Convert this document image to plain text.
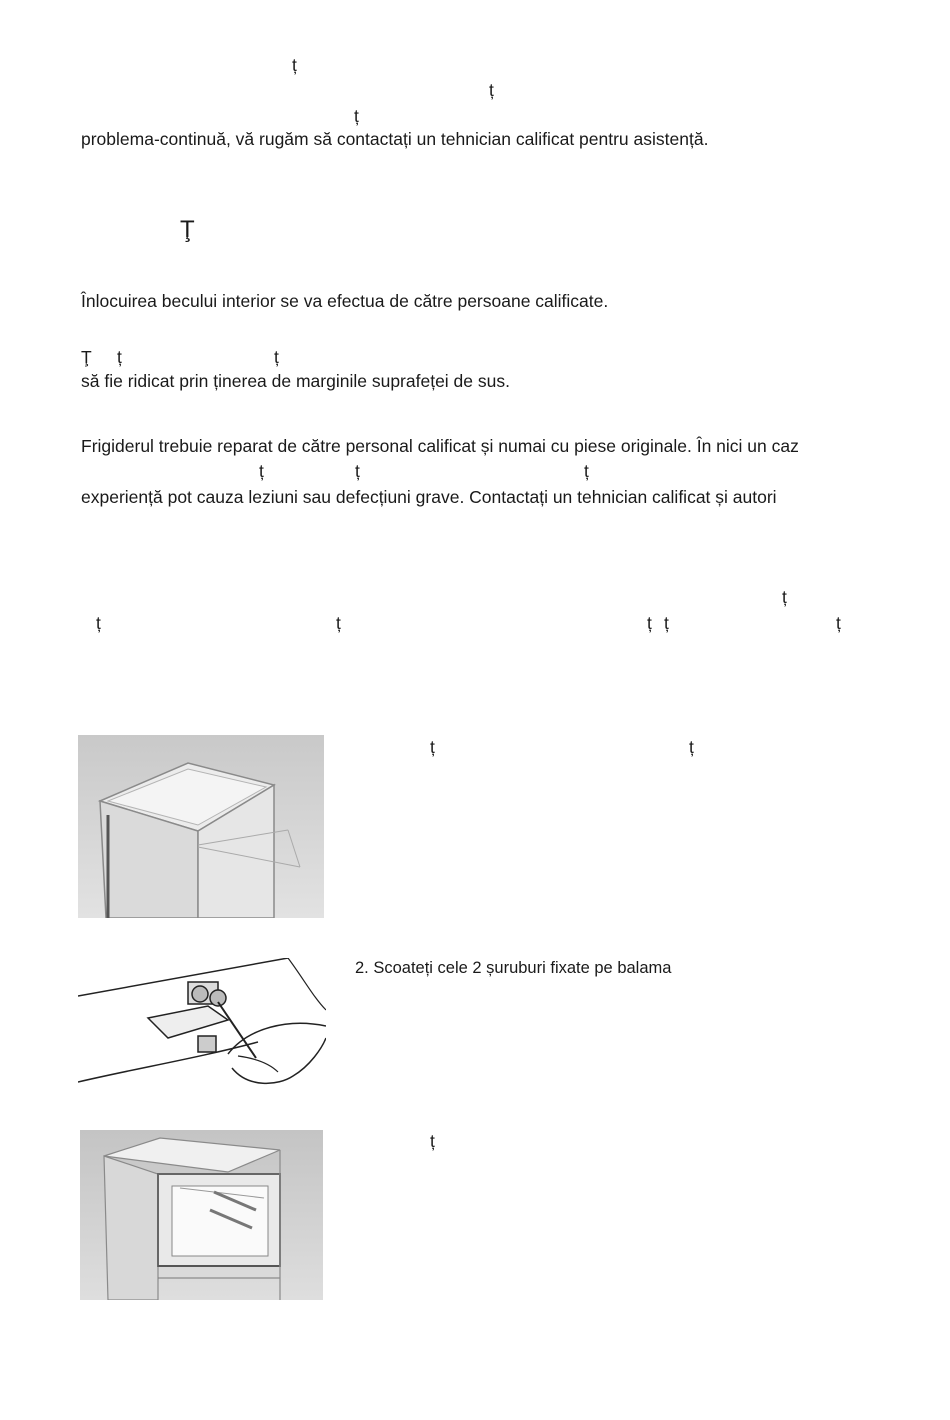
ț
ț
ț
problema-continuă, vă rugăm să contactați un tehnician calificat pentru asistență.
Ţ
Înlocuirea becului interior se va efectua de către persoane calificate.
Ţ ț	ț
să fie ridicat prin ținerea de marginile suprafeței de sus.
Frigiderul trebuie reparat de către personal calificat și numai cu piese originale. În nici un caz
ț	ț	ț
experiență pot cauza leziuni sau defecțiuni grave. Contactați un tehnician calificat și autori
ț
ț	ț	ț ț	ț
ț	ț
2. Scoateți cele 2 șuruburi fixate pe balama
ț
